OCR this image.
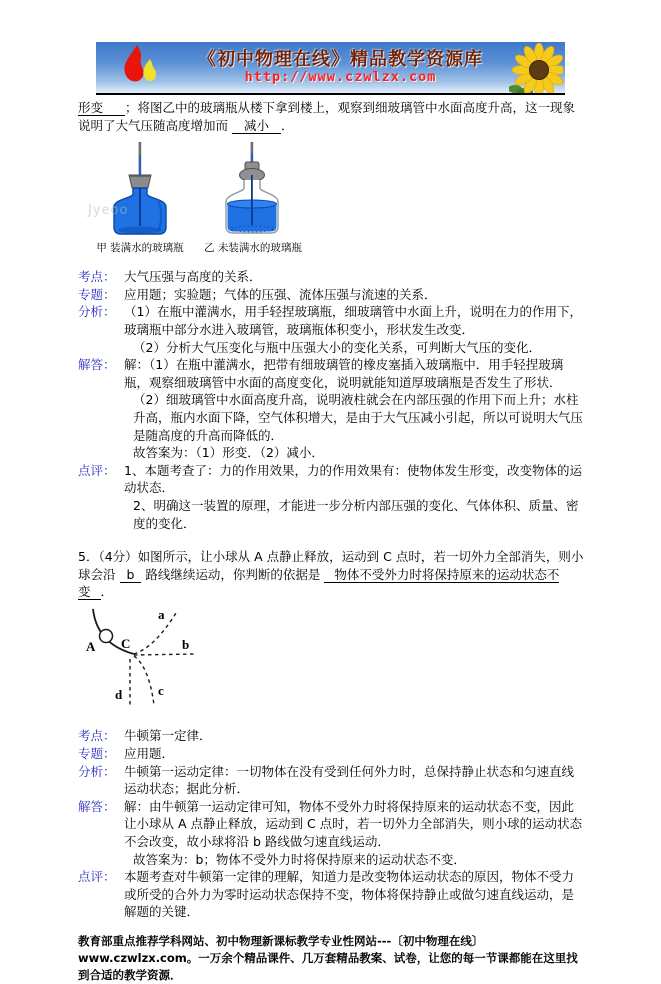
《初中物理在线》精品教学资源库
http://www.czwlzx.com
形变 ；将图乙中的玻璃瓶从楼下拿到楼上，观察到细玻璃管中水面高度升高，这一现象说明了大气压随高度增加而 减小 ．
Jyeoo
甲 装满水的玻璃瓶 乙 未装满水的玻璃瓶
考点： 大气压强与高度的关系．
专题： 应用题；实验题；气体的压强、流体压强与流速的关系．
分析： （1）在瓶中灌满水，用手轻捏玻璃瓶，细玻璃管中水面上升，说明在力的作用下，玻璃瓶中部分水进入玻璃管，玻璃瓶体积变小，形状发生改变．
（2）分析大气压变化与瓶中压强大小的变化关系，可判断大气压的变化．
解答： 解：（1）在瓶中灌满水，把带有细玻璃管的橡皮塞插入玻璃瓶中．用手轻捏玻璃瓶，观察细玻璃管中水面的高度变化，说明就能知道厚玻璃瓶是否发生了形状．
（2）细玻璃管中水面高度升高，说明液柱就会在内部压强的作用下而上升；水柱升高，瓶内水面下降，空气体积增大，是由于大气压减小引起，所以可说明大气压是随高度的升高而降低的．
故答案为：（1）形变．（2）减小．
点评： 1、本题考查了：力的作用效果，力的作用效果有：使物体发生形变，改变物体的运动状态．
2、明确这一装置的原理，才能进一步分析内部压强的变化、气体体积、质量、密度的变化．
5．（4分）如图所示，让小球从 A 点静止释放，运动到 C 点时，若一切外力全部消失，则小球会沿 b 路线继续运动，你判断的依据是 物体不受外力时将保持原来的运动状态不变 ．
A C
a
b
c
d
考点： 牛顿第一定律．
专题： 应用题．
分析： 牛顿第一运动定律：一切物体在没有受到任何外力时，总保持静止状态和匀速直线运动状态；据此分析．
解答： 解：由牛顿第一运动定律可知，物体不受外力时将保持原来的运动状态不变，因此让小球从 A 点静止释放，运动到 C 点时，若一切外力全部消失，则小球的运动状态不会改变，故小球将沿 b 路线做匀速直线运动．
故答案为：b；物体不受外力时将保持原来的运动状态不变．
点评： 本题考查对牛顿第一定律的理解，知道力是改变物体运动状态的原因，物体不受力或所受的合外力为零时运动状态保持不变，物体将保持静止或做匀速直线运动，是解题的关键．
教育部重点推荐学科网站、初中物理新课标教学专业性网站---〔初中物理在线〕www.czwlzx.com。一万余个精品课件、几万套精品教案、试卷，让您的每一节课都能在这里找到合适的教学资源．
